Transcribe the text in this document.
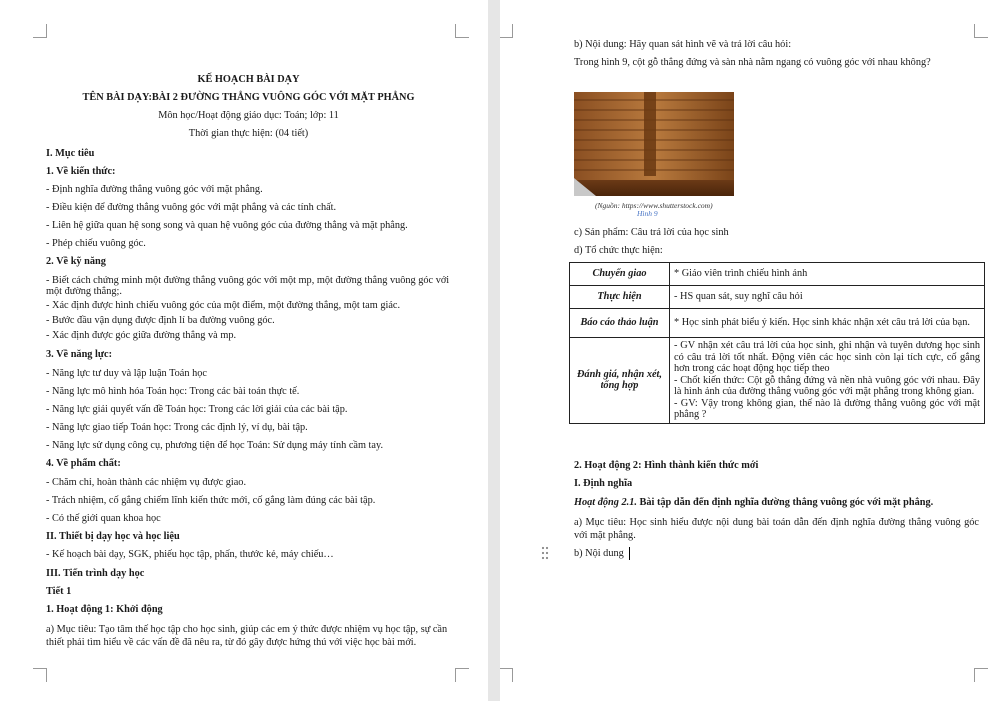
KẾ HOẠCH BÀI DẠY
TÊN BÀI DẠY:BÀI 2 ĐƯỜNG THẲNG VUÔNG GÓC VỚI MẶT PHẲNG
Môn học/Hoạt động giáo dục: Toán; lớp: 11
Thời gian thực hiện: (04 tiết)
I. Mục tiêu
1. Về kiến thức:
- Định nghĩa đường thẳng vuông góc với mặt phẳng.
- Điều kiện để đường thẳng vuông góc với mặt phẳng và các tính chất.
- Liên hệ giữa quan hệ song song và quan hệ vuông góc của đường thẳng và mặt phẳng.
- Phép chiếu vuông góc.
2. Về kỹ năng
- Biết cách chứng minh một đường thẳng vuông góc với một mp, một đường thẳng vuông góc với một đường thẳng;.
- Xác định được hình chiếu vuông góc của một điểm, một đường thẳng, một tam giác.
- Bước đầu vận dụng được định lí ba đường vuông góc.
- Xác định được góc giữa đường thẳng và mp.
3. Về năng lực:
- Năng lực tư duy và lập luận Toán học
- Năng lực mô hình hóa Toán học: Trong các bài toán thực tế.
- Năng lực giải quyết vấn đề Toán học: Trong các lời giải của các bài tập.
- Năng lực giao tiếp Toán học: Trong các định lý, ví dụ, bài tập.
- Năng lực sử dụng công cụ, phương tiện để học Toán: Sử dụng máy tính cầm tay.
4. Về phẩm chất:
- Chăm chỉ, hoàn thành các nhiệm vụ được giao.
- Trách nhiệm, cố gắng chiếm lĩnh kiến thức mới, cố gắng làm đúng các bài tập.
- Có thế giới quan khoa học
II. Thiết bị dạy học và học liệu
- Kế hoạch bài dạy, SGK, phiếu học tập, phấn, thước kẻ, máy chiếu…
III. Tiến trình dạy học
Tiết 1
1. Hoạt động 1: Khởi động
a) Mục tiêu: Tạo tâm thế học tập cho học sinh, giúp các em ý thức được nhiệm vụ học tập, sự cần thiết phải tìm hiểu về các vấn đề đã nêu ra, từ đó gây được hứng thú với việc học bài mới.
b) Nội dung: Hãy quan sát hình vẽ và trả lời câu hỏi:
Trong hình 9, cột gỗ thẳng đứng và sàn nhà nằm ngang có vuông góc với nhau không?
(Nguồn: https://www.shutterstock.com)
Hình 9
c) Sản phẩm: Câu trả lời của học sinh
d) Tổ chức thực hiện:
Chuyển giao	* Giáo viên trình chiếu hình ảnh
Thực hiện	- HS quan sát, suy nghĩ câu hỏi
Báo cáo thảo luận	* Học sinh phát biểu ý kiến. Học sinh khác nhận xét câu trả lời của bạn.
Đánh giá, nhận xét, tổng hợp	- GV nhận xét câu trả lời của học sinh, ghi nhận và tuyên dương học sinh có câu trả lời tốt nhất. Động viên các học sinh còn lại tích cực, cố gắng hơn trong các hoạt động học tiếp theo
- Chốt kiến thức: Cột gỗ thẳng đứng và nền nhà vuông góc với nhau. Đây là hình ảnh của đường thẳng vuông góc với mặt phẳng trong không gian.
- GV: Vậy trong không gian, thế nào là đường thẳng vuông góc với mặt phẳng ?
2. Hoạt động 2: Hình thành kiến thức mới
I. Định nghĩa
Hoạt động 2.1. Bài tập dẫn đến định nghĩa đường thẳng vuông góc với mặt phẳng.
a) Mục tiêu: Học sinh hiểu được nội dung bài toán dẫn đến định nghĩa đường thẳng vuông góc với mặt phẳng.
b) Nội dung
